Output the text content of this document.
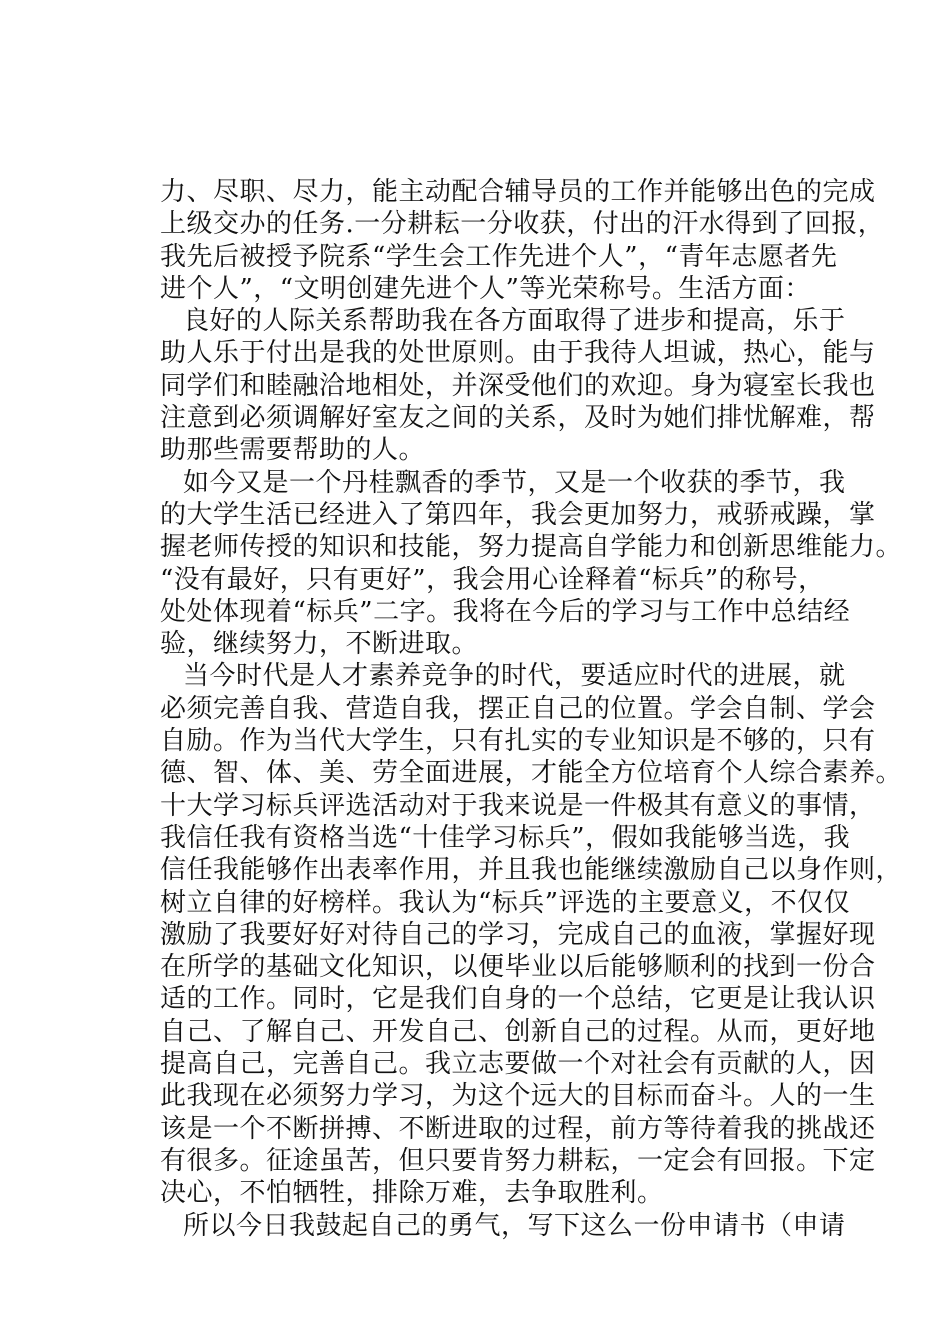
力、尽职、尽力，能主动配合辅导员的工作并能够出色的完成
上级交办的任务.一分耕耘一分收获，付出的汗水得到了回报，
我先后被授予院系“学生会工作先进个人”，“青年志愿者先
进个人”，“文明创建先进个人”等光荣称号。生活方面：
良好的人际关系帮助我在各方面取得了进步和提高，乐于
助人乐于付出是我的处世原则。由于我待人坦诚，热心，能与
同学们和睦融洽地相处，并深受他们的欢迎。身为寝室长我也
注意到必须调解好室友之间的关系，及时为她们排忧解难，帮
助那些需要帮助的人。
如今又是一个丹桂飘香的季节，又是一个收获的季节，我
的大学生活已经进入了第四年，我会更加努力，戒骄戒躁，掌
握老师传授的知识和技能，努力提高自学能力和创新思维能力。
“没有最好，只有更好”，我会用心诠释着“标兵”的称号，
处处体现着“标兵”二字。我将在今后的学习与工作中总结经
验，继续努力，不断进取。
当今时代是人才素养竞争的时代，要适应时代的进展，就
必须完善自我、营造自我，摆正自己的位置。学会自制、学会
自励。作为当代大学生，只有扎实的专业知识是不够的，只有
德、智、体、美、劳全面进展，才能全方位培育个人综合素养。
十大学习标兵评选活动对于我来说是一件极其有意义的事情，
我信任我有资格当选“十佳学习标兵”，假如我能够当选，我
信任我能够作出表率作用，并且我也能继续激励自己以身作则，
树立自律的好榜样。我认为“标兵”评选的主要意义，不仅仅
激励了我要好好对待自己的学习，完成自己的血液，掌握好现
在所学的基础文化知识，以便毕业以后能够顺利的找到一份合
适的工作。同时，它是我们自身的一个总结，它更是让我认识
自己、了解自己、开发自己、创新自己的过程。从而，更好地
提高自己，完善自己。我立志要做一个对社会有贡献的人，因
此我现在必须努力学习，为这个远大的目标而奋斗。人的一生
该是一个不断拼搏、不断进取的过程，前方等待着我的挑战还
有很多。征途虽苦，但只要肯努力耕耘，一定会有回报。下定
决心，不怕牺牲，排除万难，去争取胜利。
所以今日我鼓起自己的勇气，写下这么一份申请书（申请
